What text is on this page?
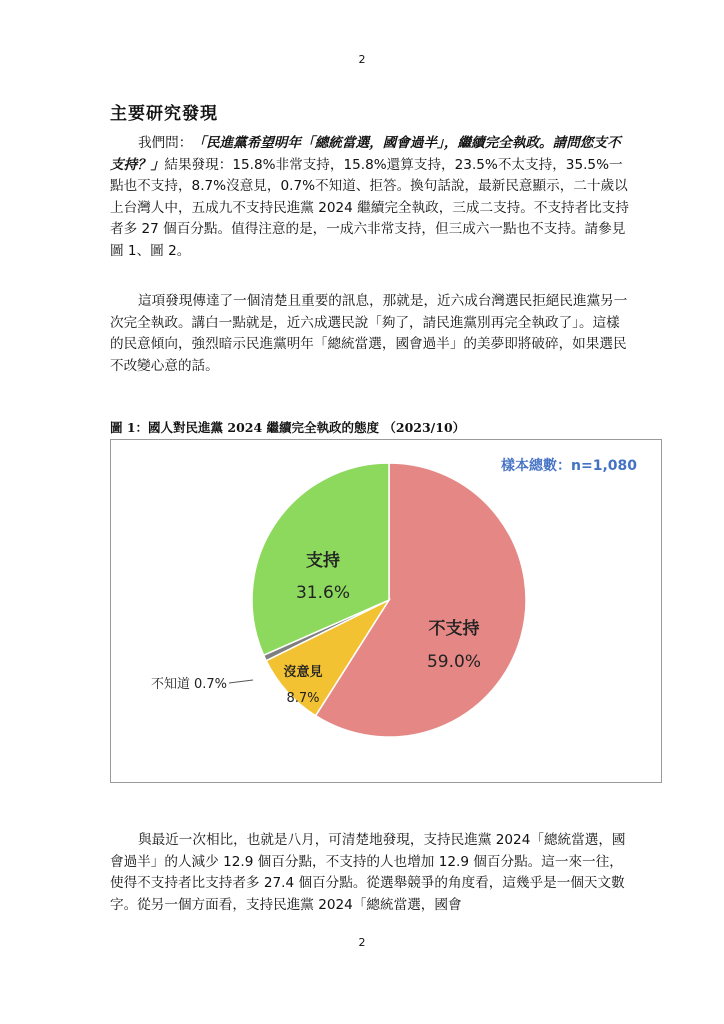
2
主要研究發現

我們問：「民進黨希望明年「總統當選，國會過半」，繼續完全執政。請問您支不支持？」結果發現：15.8%非常支持，15.8%還算支持，23.5%不太支持，35.5%一點也不支持，8.7%沒意見，0.7%不知道、拒答。換句話說，最新民意顯示，二十歲以上台灣人中，五成九不支持民進黨 2024 繼續完全執政，三成二支持。不支持者比支持者多 27 個百分點。值得注意的是，一成六非常支持，但三成六一點也不支持。請參見圖 1、圖 2。

這項發現傳達了一個清楚且重要的訊息，那就是，近六成台灣選民拒絕民進黨另一次完全執政。講白一點就是，近六成選民說「夠了，請民進黨別再完全執政了」。這樣的民意傾向，強烈暗示民進黨明年「總統當選，國會過半」的美夢即將破碎，如果選民不改變心意的話。

圖 1：國人對民進黨 2024 繼續完全執政的態度 （2023/10）
樣本總數：n=1,080
支持
31.6%
不支持
59.0%
沒意見
8.7%
不知道 0.7%

與最近一次相比，也就是八月，可清楚地發現，支持民進黨 2024「總統當選，國會過半」的人減少 12.9 個百分點，不支持的人也增加 12.9 個百分點。這一來一往，使得不支持者比支持者多 27.4 個百分點。從選舉競爭的角度看，這幾乎是一個天文數字。從另一個方面看，支持民進黨 2024「總統當選，國會

2
